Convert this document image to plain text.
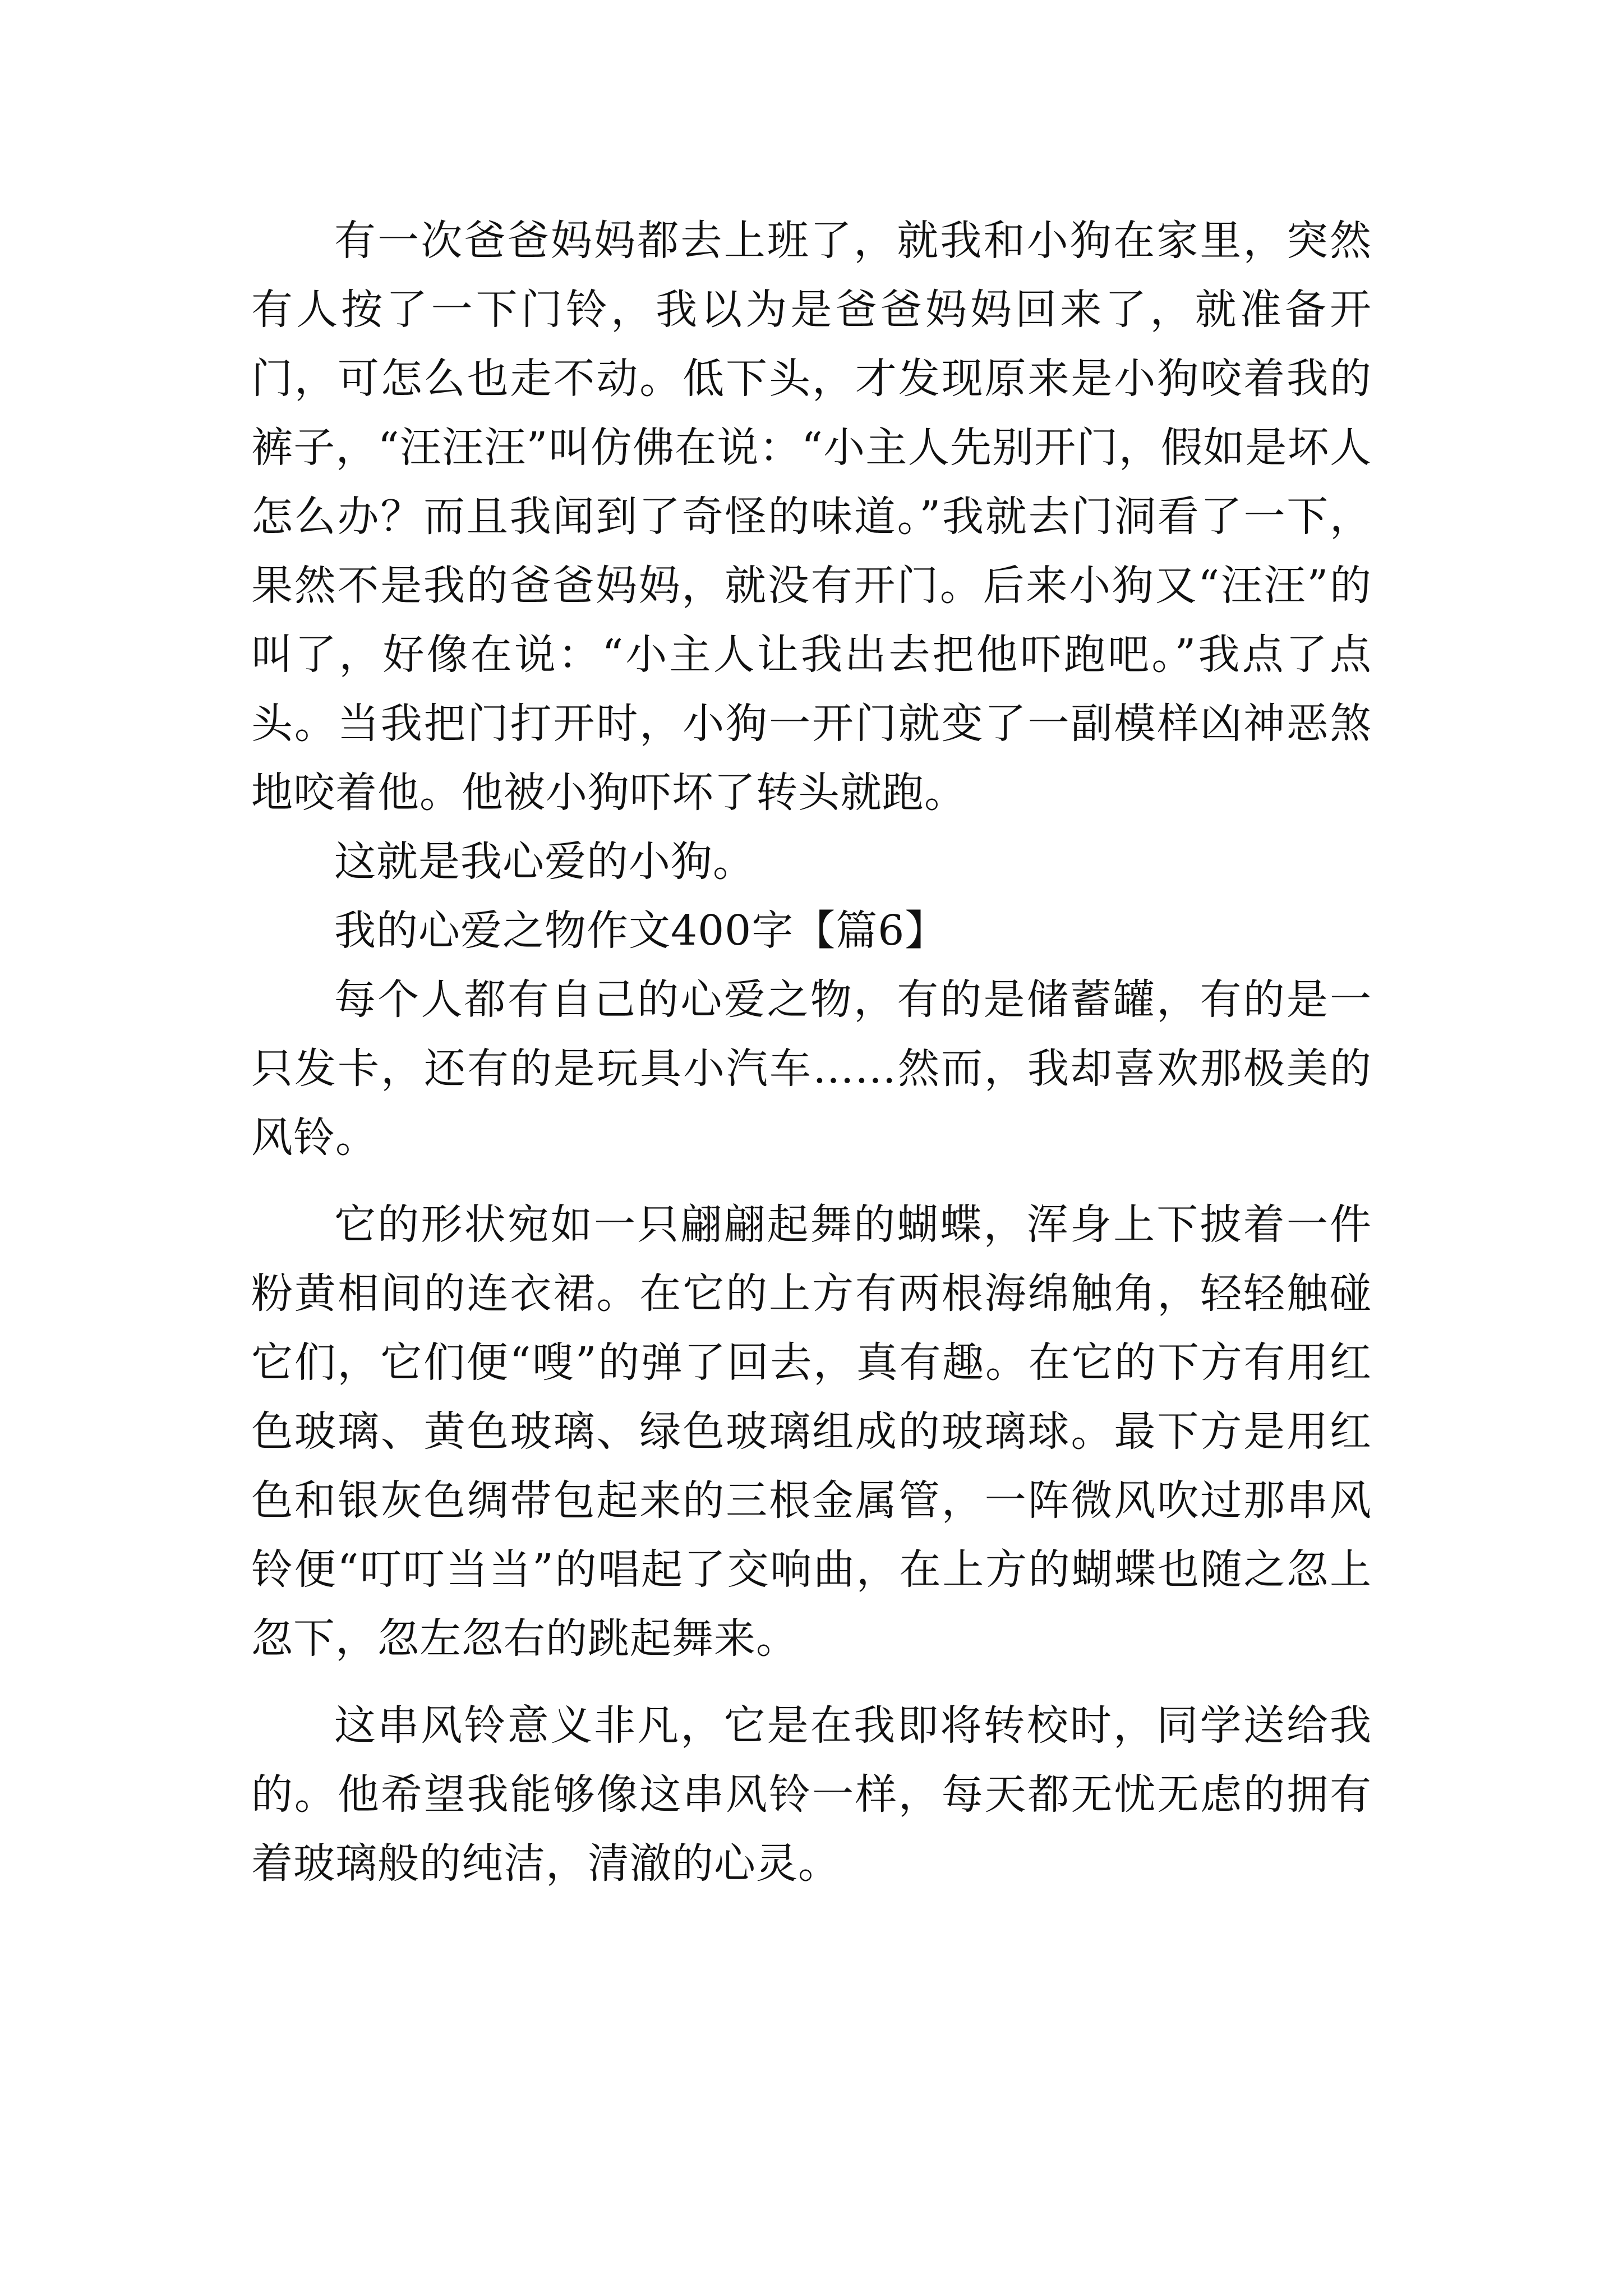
有一次爸爸妈妈都去上班了，就我和小狗在家里，突然有人按了一下门铃，我以为是爸爸妈妈回来了，就准备开门，可怎么也走不动。低下头，才发现原来是小狗咬着我的裤子，“汪汪汪”叫仿佛在说：“小主人先别开门，假如是坏人怎么办？而且我闻到了奇怪的味道。”我就去门洞看了一下，果然不是我的爸爸妈妈，就没有开门。后来小狗又“汪汪”的叫了，好像在说：“小主人让我出去把他吓跑吧。”我点了点头。当我把门打开时，小狗一开门就变了一副模样凶神恶煞地咬着他。他被小狗吓坏了转头就跑。

这就是我心爱的小狗。

我的心爱之物作文400字【篇6】

每个人都有自己的心爱之物，有的是储蓄罐，有的是一只发卡，还有的是玩具小汽车……然而，我却喜欢那极美的风铃。

它的形状宛如一只翩翩起舞的蝴蝶，浑身上下披着一件粉黄相间的连衣裙。在它的上方有两根海绵触角，轻轻触碰它们，它们便“嗖”的弹了回去，真有趣。在它的下方有用红色玻璃、黄色玻璃、绿色玻璃组成的玻璃球。最下方是用红色和银灰色绸带包起来的三根金属管，一阵微风吹过那串风铃便“叮叮当当”的唱起了交响曲，在上方的蝴蝶也随之忽上忽下，忽左忽右的跳起舞来。

这串风铃意义非凡，它是在我即将转校时，同学送给我的。他希望我能够像这串风铃一样，每天都无忧无虑的拥有着玻璃般的纯洁，清澈的心灵。
